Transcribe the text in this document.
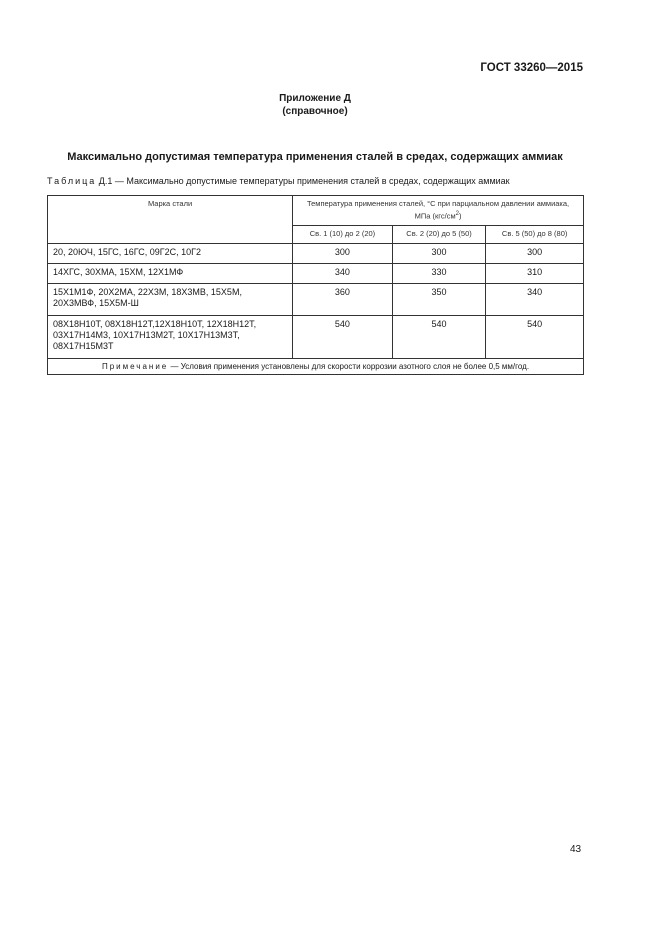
ГОСТ 33260—2015
Приложение Д
(справочное)
Максимально допустимая температура применения сталей в средах, содержащих аммиак
Таблица Д.1 — Максимально допустимые температуры применения сталей в средах, содержащих аммиак
Марка стали	Температура применения сталей, °С при парциальном давлении аммиака, МПа $(кгс/см^2)$		
	Св. 1 (10) до 2 (20)	Св. 2 (20) до 5 (50)	Св. 5 (50) до 8 (80)
20, 20ЮЧ, 15ГС, 16ГС, 09Г2С, 10Г2	300	300	300
14ХГС, 30ХМА, 15ХМ, 12Х1МФ	340	330	310
15Х1М1Ф, 20Х2МА, 22Х3М, 18Х3МВ, 15Х5М, 20Х3МВФ, 15Х5М-Ш	360	350	340
08Х18Н10Т, 08Х18Н12Т,12Х18Н10Т, 12Х18Н12Т, 03Х17Н14М3, 10Х17Н13М2Т, 10Х17Н13М3Т, 08Х17Н15М3Т	540	540	540
Примечание — Условия применения установлены для скорости коррозии азотного слоя не более 0,5 мм/год.			
43
